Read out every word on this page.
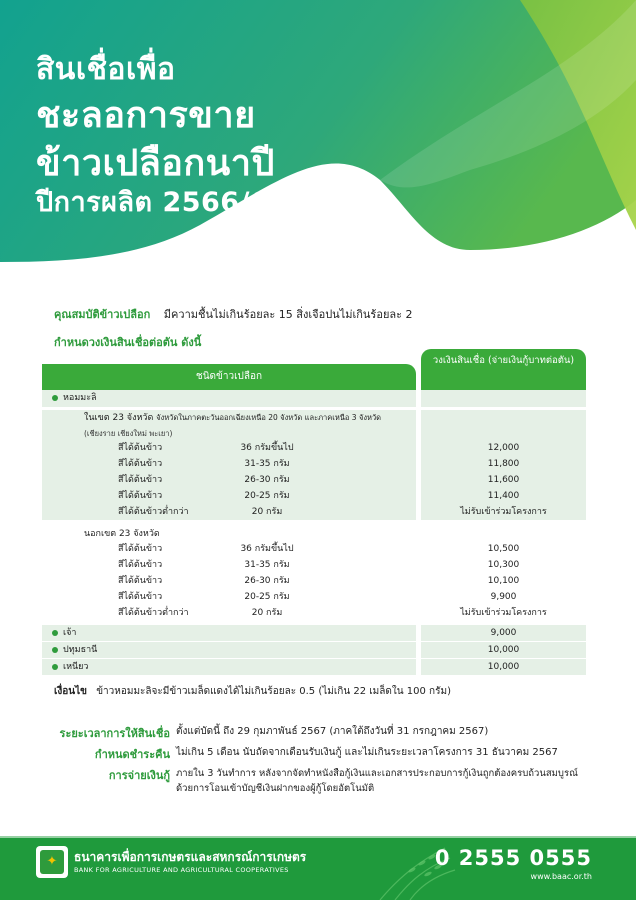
สินเชื่อเพื่อ
ชะลอการขาย
ข้าวเปลือกนาปี
ปีการผลิต 2566/67
คุณสมบัติข้าวเปลือก มีความชื้นไม่เกินร้อยละ 15 สิ่งเจือปนไม่เกินร้อยละ 2
กำหนดวงเงินสินเชื่อต่อตัน ดังนี้
ชนิดข้าวเปลือก
วงเงินสินเชื่อ (จ่ายเงินกู้บาทต่อตัน)
หอมมะลิ
ในเขต 23 จังหวัด จังหวัดในภาคตะวันออกเฉียงเหนือ 20 จังหวัด และภาคเหนือ 3 จังหวัด
(เชียงราย เชียงใหม่ พะเยา)
สีได้ต้นข้าว	36 กรัมขึ้นไป	12,000
สีได้ต้นข้าว	31-35 กรัม	11,800
สีได้ต้นข้าว	26-30 กรัม	11,600
สีได้ต้นข้าว	20-25 กรัม	11,400
สีได้ต้นข้าวต่ำกว่า	20 กรัม	ไม่รับเข้าร่วมโครงการ
นอกเขต 23 จังหวัด
สีได้ต้นข้าว	36 กรัมขึ้นไป	10,500
สีได้ต้นข้าว	31-35 กรัม	10,300
สีได้ต้นข้าว	26-30 กรัม	10,100
สีได้ต้นข้าว	20-25 กรัม	9,900
สีได้ต้นข้าวต่ำกว่า	20 กรัม	ไม่รับเข้าร่วมโครงการ
เจ้า	9,000
ปทุมธานี	10,000
เหนียว	10,000
เงื่อนไข ข้าวหอมมะลิจะมีข้าวเมล็ดแดงได้ไม่เกินร้อยละ 0.5 (ไม่เกิน 22 เมล็ดใน 100 กรัม)
ระยะเวลาการให้สินเชื่อ ตั้งแต่บัดนี้ ถึง 29 กุมภาพันธ์ 2567 (ภาคใต้ถึงวันที่ 31 กรกฎาคม 2567)
กำหนดชำระคืน ไม่เกิน 5 เดือน นับถัดจากเดือนรับเงินกู้ และไม่เกินระยะเวลาโครงการ 31 ธันวาคม 2567
การจ่ายเงินกู้ ภายใน 3 วันทำการ หลังจากจัดทำหนังสือกู้เงินและเอกสารประกอบการกู้เงินถูกต้องครบถ้วนสมบูรณ์
ด้วยการโอนเข้าบัญชีเงินฝากของผู้กู้โดยอัตโนมัติ
✦	ธนาคารเพื่อการเกษตรและสหกรณ์การเกษตร
BANK FOR AGRICULTURE AND AGRICULTURAL COOPERATIVES	0 2555 0555
www.baac.or.th
